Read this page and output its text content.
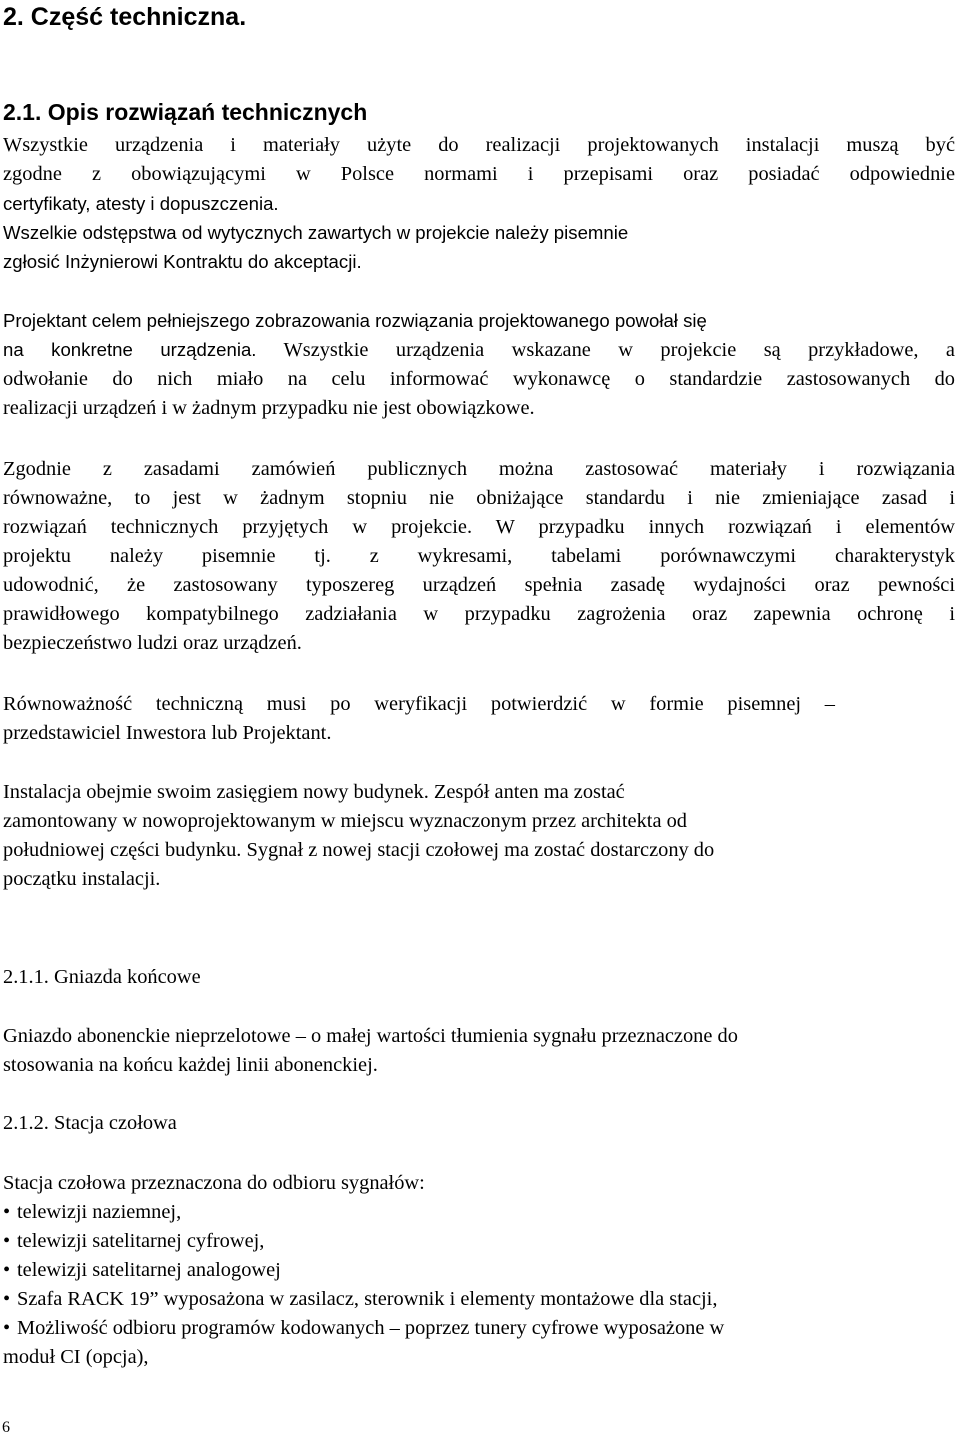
2. Część techniczna.
2.1. Opis rozwiązań technicznych
Wszystkie urządzenia i materiały użyte do realizacji projektowanych instalacji muszą być
zgodne z obowiązującymi w Polsce normami i przepisami oraz posiadać odpowiednie
certyfikaty, atesty i dopuszczenia.
Wszelkie odstępstwa od wytycznych zawartych w projekcie należy pisemnie
zgłosić Inżynierowi Kontraktu do akceptacji.
Projektant celem pełniejszego zobrazowania rozwiązania projektowanego powołał się
na konkretne urządzenia. Wszystkie urządzenia wskazane w projekcie są przykładowe, a
odwołanie do nich miało na celu informować wykonawcę o standardzie zastosowanych do
realizacji urządzeń i w żadnym przypadku nie jest obowiązkowe.
Zgodnie z zasadami zamówień publicznych można zastosować materiały i rozwiązania
równoważne, to jest w żadnym stopniu nie obniżające standardu i nie zmieniające zasad i
rozwiązań technicznych przyjętych w projekcie. W przypadku innych rozwiązań i elementów
projektu należy pisemnie tj. z wykresami, tabelami porównawczymi charakterystyk
udowodnić, że zastosowany typoszereg urządzeń spełnia zasadę wydajności oraz pewności
prawidłowego kompatybilnego zadziałania w przypadku zagrożenia oraz zapewnia ochronę i
bezpieczeństwo ludzi oraz urządzeń.
Równoważność techniczną musi po weryfikacji potwierdzić w formie pisemnej –
przedstawiciel Inwestora lub Projektant.
Instalacja obejmie swoim zasięgiem nowy budynek. Zespół anten ma zostać
zamontowany w nowoprojektowanym w miejscu wyznaczonym przez architekta od
południowej części budynku. Sygnał z nowej stacji czołowej ma zostać dostarczony do
początku instalacji.
2.1.1. Gniazda końcowe
Gniazdo abonenckie nieprzelotowe – o małej wartości tłumienia sygnału przeznaczone do
stosowania na końcu każdej linii abonenckiej.
2.1.2. Stacja czołowa
Stacja czołowa przeznaczona do odbioru sygnałów:
• telewizji naziemnej,
• telewizji satelitarnej cyfrowej,
• telewizji satelitarnej analogowej
• Szafa RACK 19” wyposażona w zasilacz, sterownik i elementy montażowe dla stacji,
• Możliwość odbioru programów kodowanych – poprzez tunery cyfrowe wyposażone w
moduł CI (opcja),
6
